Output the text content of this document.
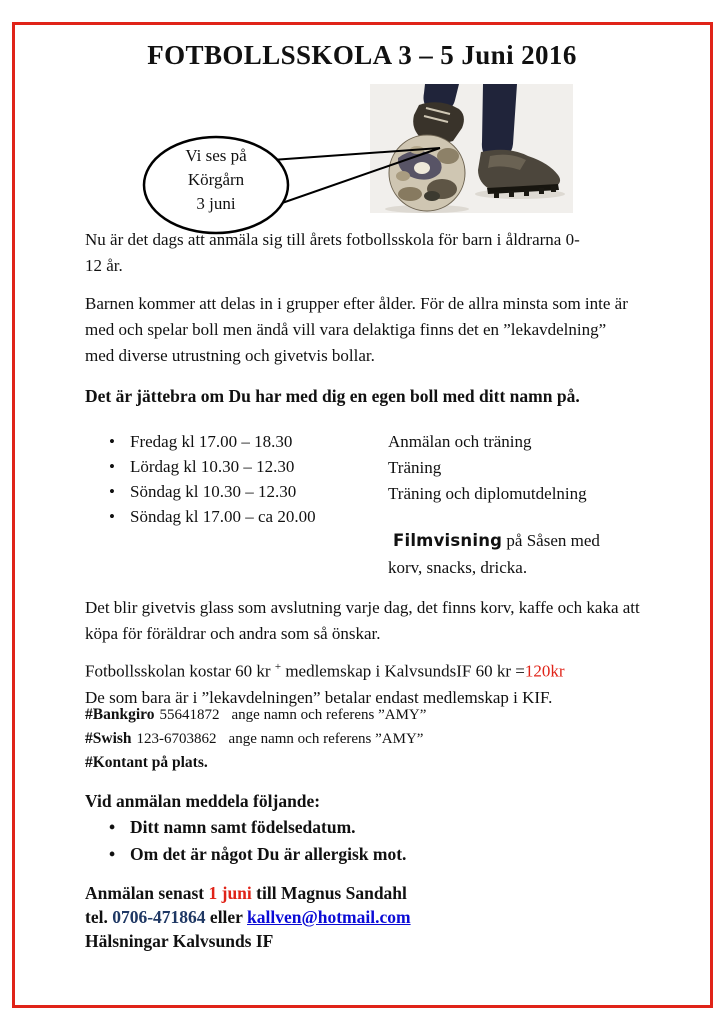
FOTBOLLSSKOLA 3 – 5 Juni 2016
Vi ses på
Körgårn
3 juni
Nu är det dags att anmäla sig till årets fotbollsskola för barn i åldrarna 0-12 år.
Barnen kommer att delas in i grupper efter ålder. För de allra minsta som inte är med och spelar boll men ändå vill vara delaktiga finns det en ”lekavdelning” med diverse utrustning och givetvis bollar.
Det är jättebra om Du har med dig en egen boll med ditt namn på.
• Fredag kl 17.00 – 18.30
• Lördag kl 10.30 – 12.30
• Söndag kl 10.30 – 12.30
• Söndag kl 17.00 – ca 20.00
Anmälan och träning
Träning
Träning och diplomutdelning
Filmvisning på Såsen med
korv, snacks, dricka.
Det blir givetvis glass som avslutning varje dag, det finns korv, kaffe och kaka att köpa för föräldrar och andra som så önskar.
Fotbollsskolan kostar 60 kr + medlemskap i KalvsundsIF 60 kr =120kr
De som bara är i ”lekavdelningen” betalar endast medlemskap i KIF.
#Bankgiro 55641872 ange namn och referens ”AMY”
#Swish 123-6703862 ange namn och referens ”AMY”
#Kontant på plats.
Vid anmälan meddela följande:
• Ditt namn samt födelsedatum.
• Om det är något Du är allergisk mot.
Anmälan senast 1 juni till Magnus Sandahl
tel. 0706-471864 eller kallven@hotmail.com
Hälsningar Kalvsunds IF
